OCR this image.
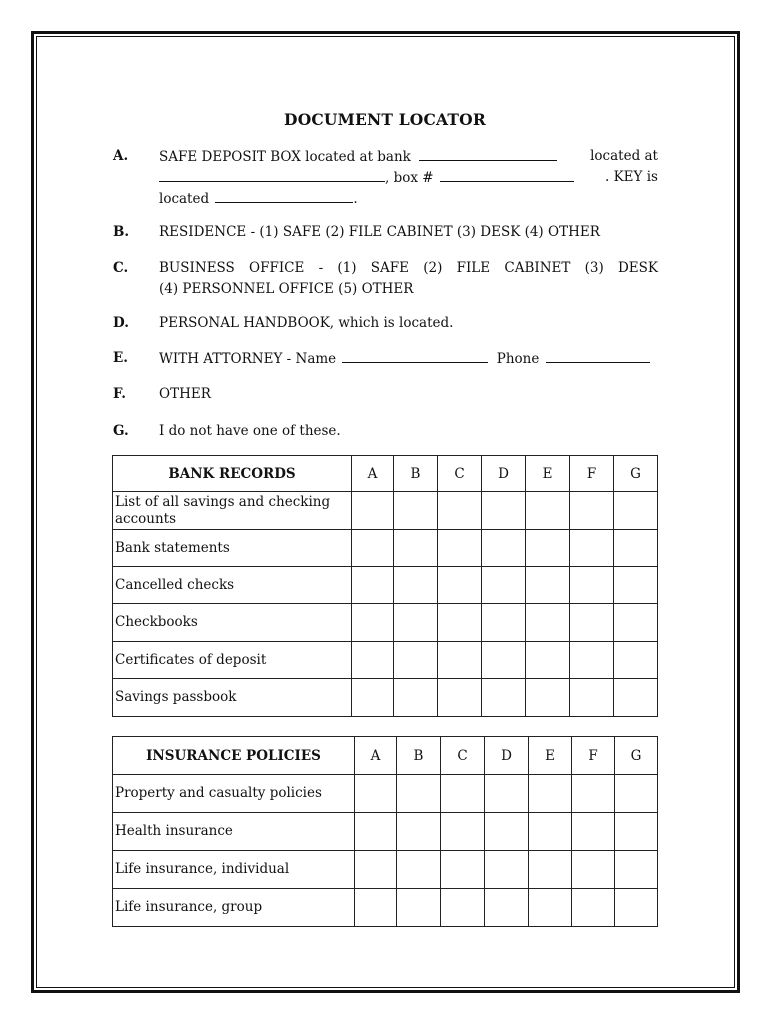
DOCUMENT LOCATOR
A. SAFE DEPOSIT BOX located at bank	located at
, box #	. KEY is
located	.
B. RESIDENCE - (1) SAFE (2) FILE CABINET (3) DESK (4) OTHER
C. BUSINESS OFFICE - (1) SAFE (2) FILE CABINET (3) DESK
(4) PERSONNEL OFFICE (5) OTHER
D. PERSONAL HANDBOOK, which is located.
E. WITH ATTORNEY - Name	Phone
F. OTHER
G. I do not have one of these.
BANK RECORDS	A	B	C	D	E	F	G
List of all savings and checking accounts							
Bank statements							
Cancelled checks							
Checkbooks							
Certificates of deposit							
Savings passbook							
INSURANCE POLICIES	A	B	C	D	E	F	G
Property and casualty policies							
Health insurance							
Life insurance, individual							
Life insurance, group							
